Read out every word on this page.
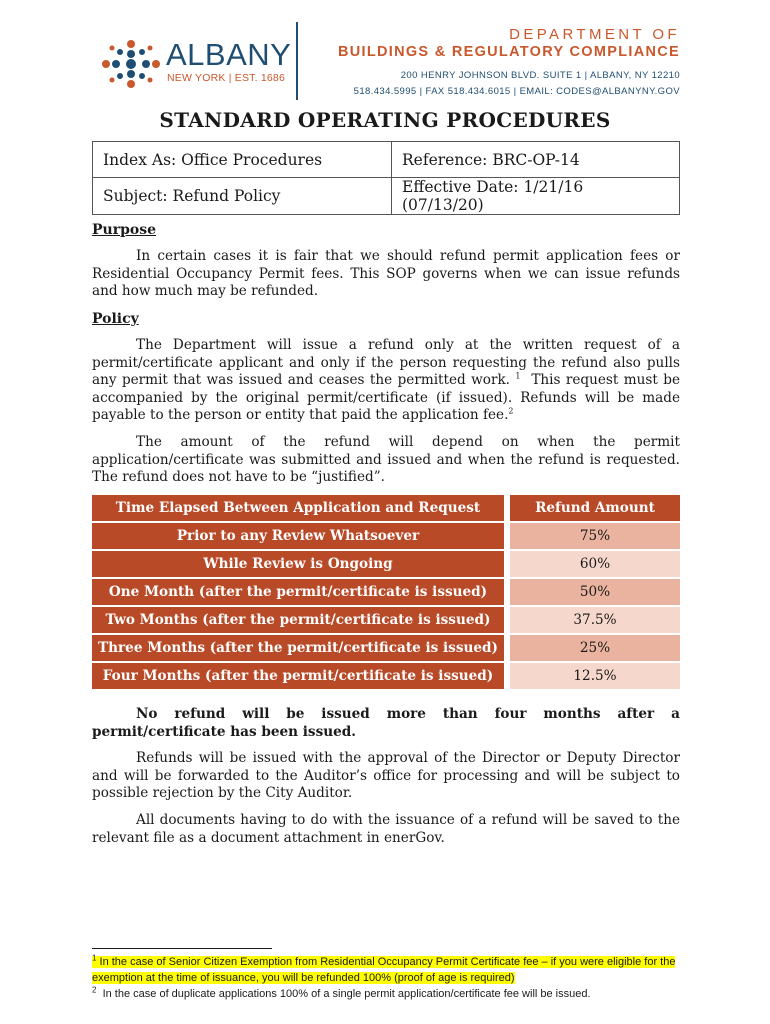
ALBANY
NEW YORK | EST. 1686
DEPARTMENT OF
BUILDINGS & REGULATORY COMPLIANCE
200 HENRY JOHNSON BLVD. SUITE 1 | ALBANY, NY 12210
518.434.5995 | FAX 518.434.6015 | EMAIL: CODES@ALBANYNY.GOV
STANDARD OPERATING PROCEDURES
Index As: Office Procedures	Reference: BRC-OP-14
Subject: Refund Policy	Effective Date: 1/21/16 (07/13/20)
Purpose
In certain cases it is fair that we should refund permit application fees or Residential Occupancy Permit fees. This SOP governs when we can issue refunds and how much may be refunded.
Policy
The Department will issue a refund only at the written request of a permit/certificate applicant and only if the person requesting the refund also pulls any permit that was issued and ceases the permitted work. $^1$ This request must be accompanied by the original permit/certificate (if issued). Refunds will be made payable to the person or entity that paid the application fee.$^2$
The amount of the refund will depend on when the permit application/certificate was submitted and issued and when the refund is requested. The refund does not have to be “justified”.
Time Elapsed Between Application and Request	Refund Amount
Prior to any Review Whatsoever	75%
While Review is Ongoing	60%
One Month (after the permit/certificate is issued)	50%
Two Months (after the permit/certificate is issued)	37.5%
Three Months (after the permit/certificate is issued)	25%
Four Months (after the permit/certificate is issued)	12.5%
No refund will be issued more than four months after a
permit/certificate has been issued.
Refunds will be issued with the approval of the Director or Deputy Director and will be forwarded to the Auditor’s office for processing and will be subject to possible rejection by the City Auditor.
All documents having to do with the issuance of a refund will be saved to the relevant file as a document attachment in enerGov.
$^1$ In the case of Senior Citizen Exemption from Residential Occupancy Permit Certificate fee – if you were eligible for the exemption at the time of issuance, you will be refunded 100% (proof of age is required)
$^2$ In the case of duplicate applications 100% of a single permit application/certificate fee will be issued.
